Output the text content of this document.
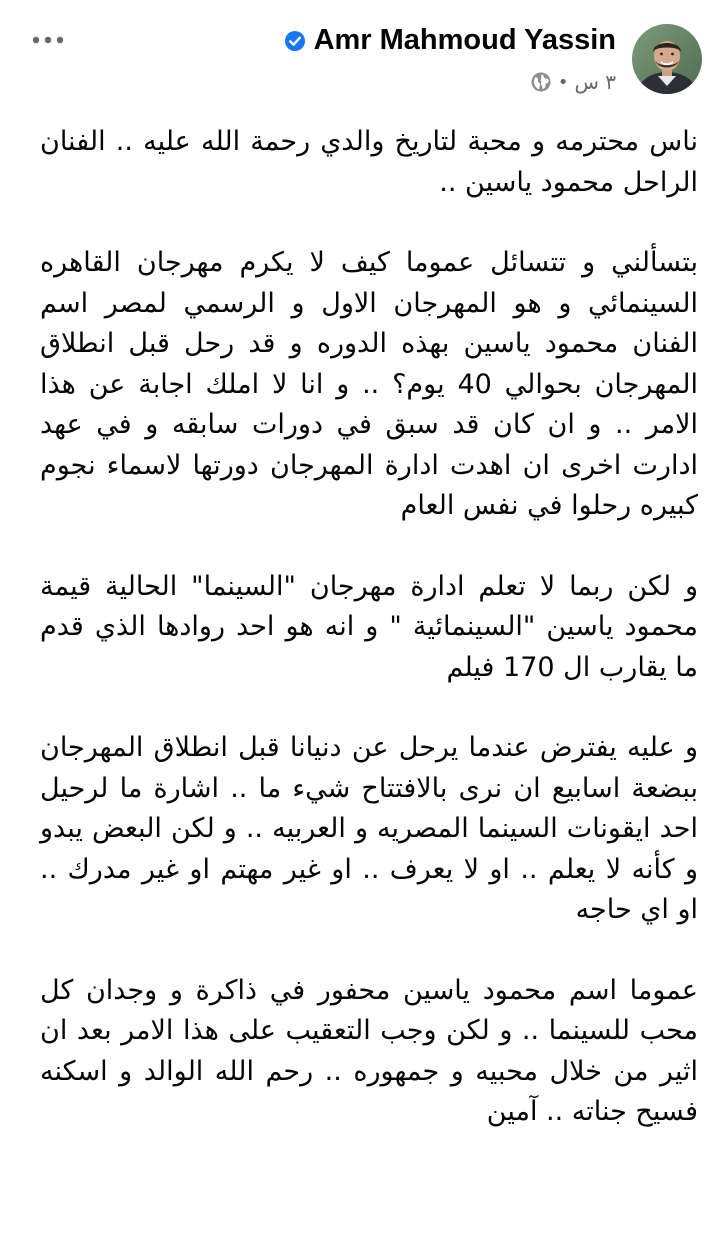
Amr Mahmoud Yassin
• ٣ س

ناس محترمه و محبة لتاريخ والدي رحمة الله عليه .. الفنان الراحل محمود ياسين ..

بتسألني و تتسائل عموما كيف لا يكرم مهرجان القاهره السينمائي و هو المهرجان الاول و الرسمي لمصر اسم الفنان محمود ياسين بهذه الدوره و قد رحل قبل انطلاق المهرجان بحوالي 40 يوم؟ .. و انا لا املك اجابة عن هذا الامر .. و ان كان قد سبق في دورات سابقه و في عهد ادارت اخرى ان اهدت ادارة المهرجان دورتها لاسماء نجوم كبيره رحلوا في نفس العام

و لكن ربما لا تعلم ادارة مهرجان "السينما" الحالية قيمة محمود ياسين "السينمائية " و انه هو احد روادها الذي قدم ما يقارب ال 170 فيلم

و عليه يفترض عندما يرحل عن دنيانا قبل انطلاق المهرجان ببضعة اسابيع ان نرى بالافتتاح شيء ما .. اشارة ما لرحيل احد ايقونات السينما المصريه و العربيه .. و لكن البعض يبدو و كأنه لا يعلم .. او لا يعرف .. او غير مهتم او غير مدرك .. او اي حاجه

عموما اسم محمود ياسين محفور في ذاكرة و وجدان كل محب للسينما .. و لكن وجب التعقيب على هذا الامر بعد ان اثير من خلال محبيه و جمهوره .. رحم الله الوالد و اسكنه فسيح جناته .. آمين
